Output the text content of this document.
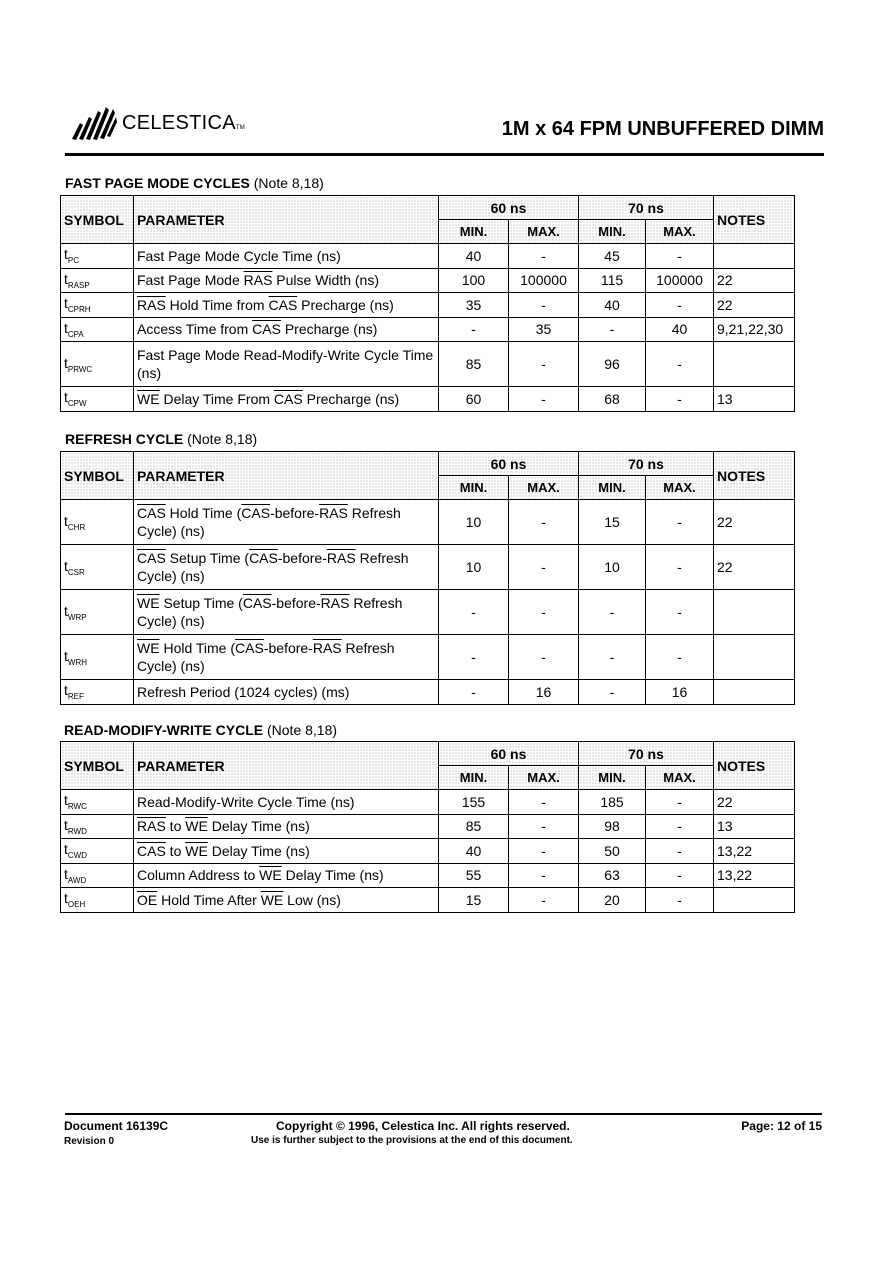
CELESTICATM	1M x 64 FPM UNBUFFERED DIMM
FAST PAGE MODE CYCLES (Note 8,18)
SYMBOL	PARAMETER	60 ns		70 ns		NOTES
		MIN.	MAX.	MIN.	MAX.	
$t_{PC}$	Fast Page Mode Cycle Time (ns)	40	-	45	-	
$t_{RASP}$	Fast Page Mode $\overline{RAS}$ Pulse Width (ns)	100	100000	115	100000	22
$t_{CPRH}$	$\overline{RAS}$ Hold Time from $\overline{CAS}$ Precharge (ns)	35	-	40	-	22
$t_{CPA}$	Access Time from $\overline{CAS}$ Precharge (ns)	-	35	-	40	9,21,22,30
$t_{PRWC}$	Fast Page Mode Read-Modify-Write Cycle Time (ns)	85	-	96	-	
$t_{CPW}$	$\overline{WE}$ Delay Time From $\overline{CAS}$ Precharge (ns)	60	-	68	-	13
REFRESH CYCLE (Note 8,18)
SYMBOL	PARAMETER	60 ns		70 ns		NOTES
		MIN.	MAX.	MIN.	MAX.	
$t_{CHR}$	$\overline{CAS}$ Hold Time ($\overline{CAS}-before-\overline{RAS}$ Refresh Cycle) (ns)	10	-	15	-	22
$t_{CSR}$	$\overline{CAS}$ Setup Time ($\overline{CAS}-before-\overline{RAS}$ Refresh Cycle) (ns)	10	-	10	-	22
$t_{WRP}$	$\overline{WE}$ Setup Time ($\overline{CAS}-before-\overline{RAS}$ Refresh Cycle) (ns)	-	-	-	-	
$t_{WRH}$	$\overline{WE}$ Hold Time ($\overline{CAS}-before-\overline{RAS}$ Refresh Cycle) (ns)	-	-	-	-	
$t_{REF}$	Refresh Period (1024 cycles) (ms)	-	16	-	16	
READ-MODIFY-WRITE CYCLE (Note 8,18)
SYMBOL	PARAMETER	60 ns		70 ns		NOTES
		MIN.	MAX.	MIN.	MAX.	
$t_{RWC}$	Read-Modify-Write Cycle Time (ns)	155	-	185	-	22
$t_{RWD}$	$\overline{RAS}$ to $\overline{WE}$ Delay Time (ns)	85	-	98	-	13
$t_{CWD}$	$\overline{CAS}$ to $\overline{WE}$ Delay Time (ns)	40	-	50	-	13,22
$t_{AWD}$	Column Address to $\overline{WE}$ Delay Time (ns)	55	-	63	-	13,22
$t_{OEH}$	$\overline{OE}$ Hold Time After $\overline{WE}$ Low (ns)	15	-	20	-	
Document 16139C
Revision 0
Copyright © 1996, Celestica Inc. All rights reserved.
Use is further subject to the provisions at the end of this document.
Page: 12 of 15
